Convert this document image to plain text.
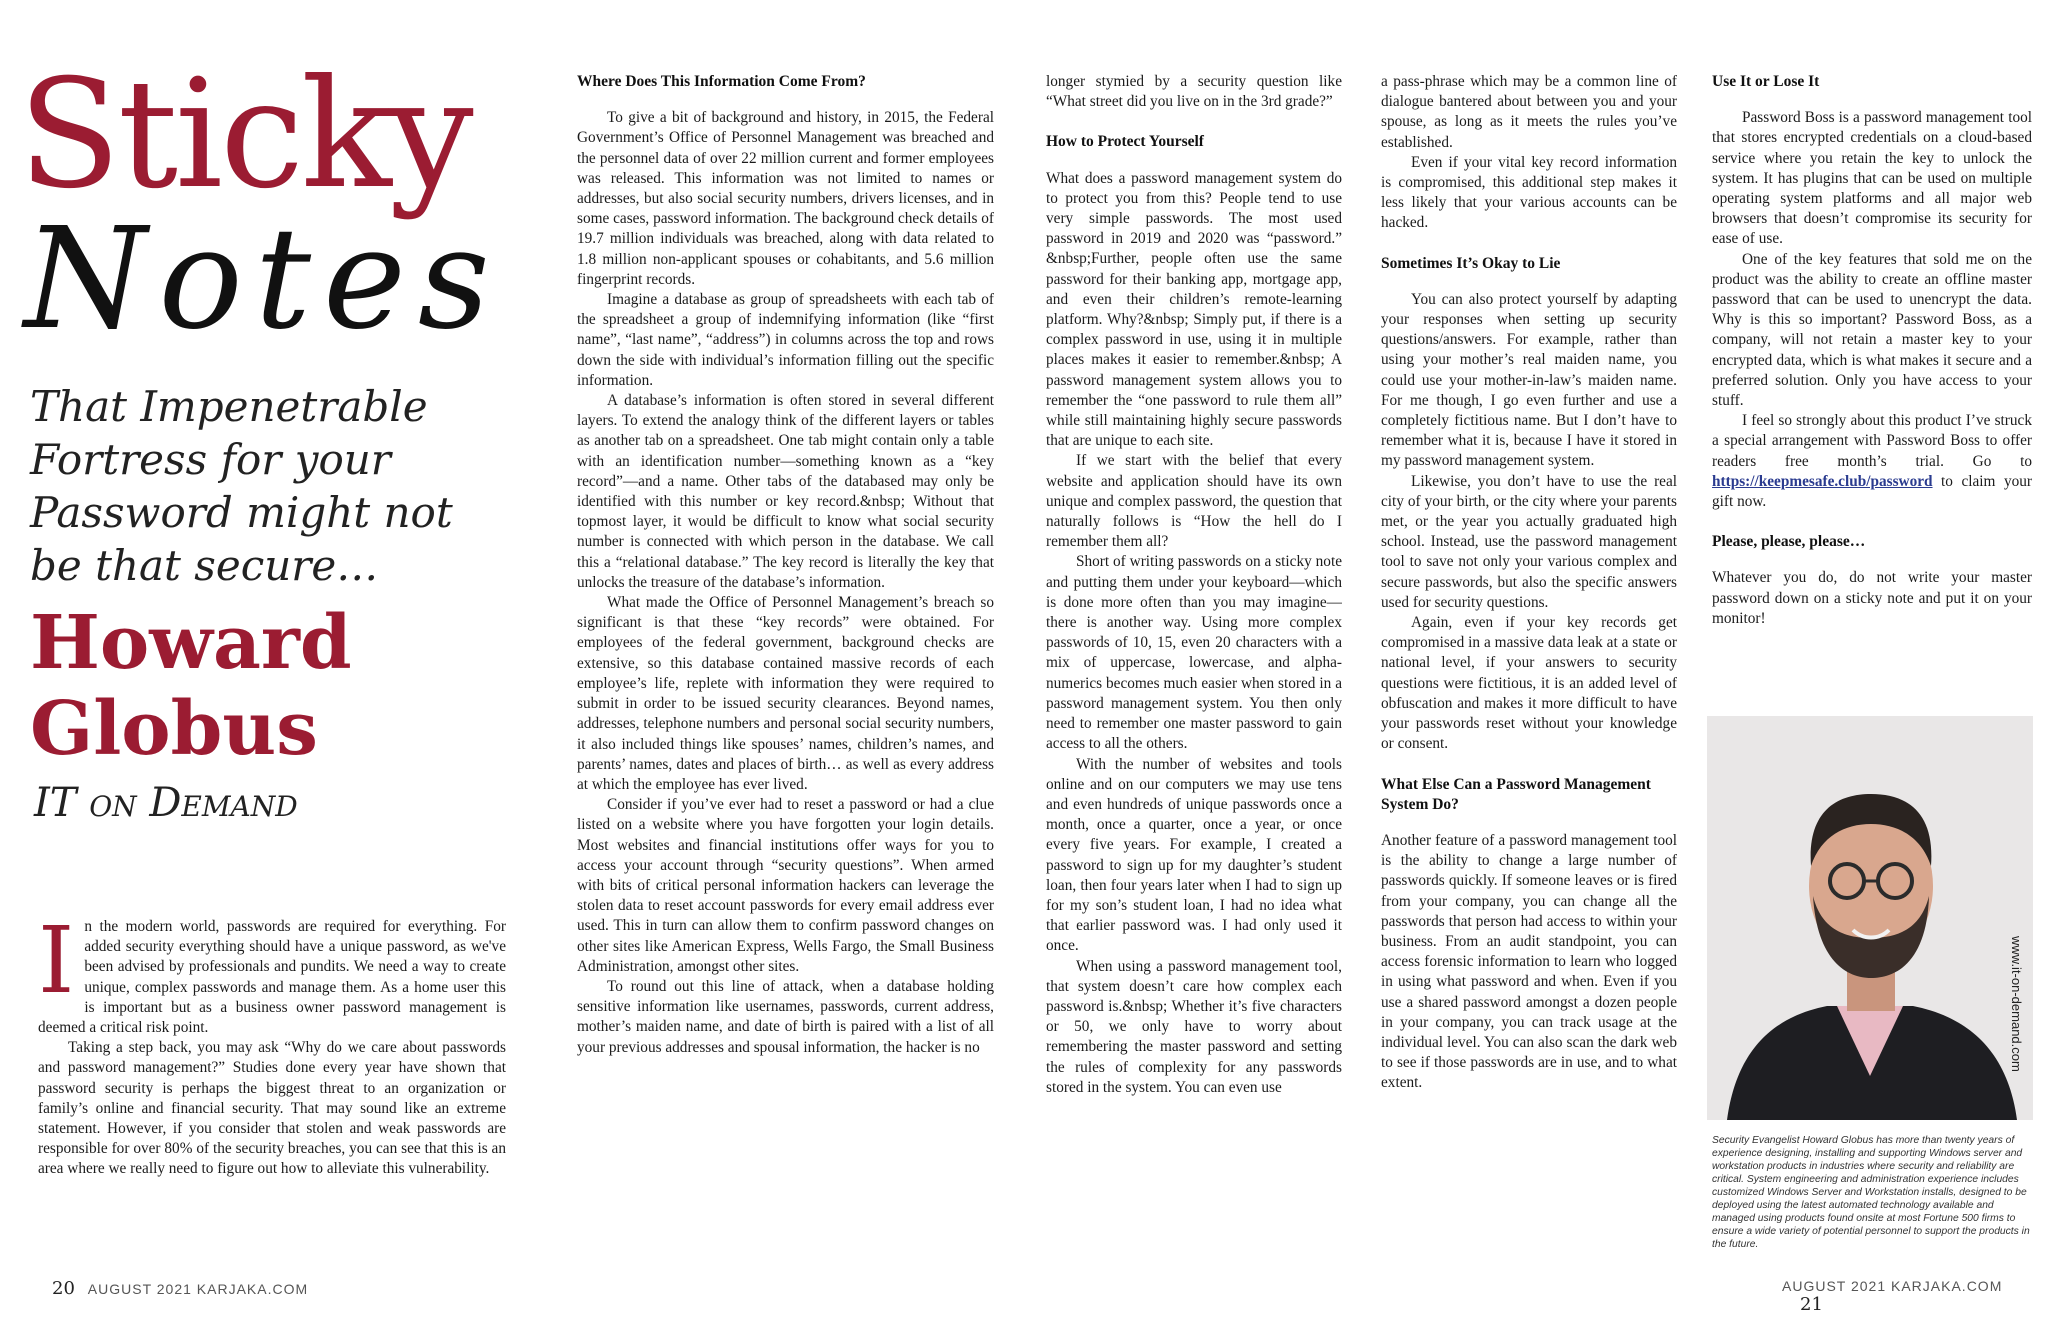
Sticky
Notes

That Impenetrable Fortress for your Password might not be that secure…

Howard Globus

IT on Demand

I n the modern world, passwords are required for everything. For added security everything should have a unique password, as we've been advised by professionals and pundits. We need a way to create unique, complex passwords and manage them. As a home user this is important but as a business owner password management is deemed a critical risk point.

Taking a step back, you may ask “Why do we care about passwords and password management?” Studies done every year have shown that password security is perhaps the biggest threat to an organization or family’s online and financial security. That may sound like an extreme statement. However, if you consider that stolen and weak passwords are responsible for over 80% of the security breaches, you can see that this is an area where we really need to figure out how to alleviate this vulnerability.

Where Does This Information Come From?

To give a bit of background and history, in 2015, the Federal Government’s Office of Personnel Management was breached and the personnel data of over 22 million current and former employees was released. This information was not limited to names or addresses, but also social security numbers, drivers licenses, and in some cases, password information. The background check details of 19.7 million individuals was breached, along with data related to 1.8 million non-applicant spouses or cohabitants, and 5.6 million fingerprint records.

Imagine a database as group of spreadsheets with each tab of the spreadsheet a group of indemnifying information (like “first name”, “last name”, “address”) in columns across the top and rows down the side with individual’s information filling out the specific information.

A database’s information is often stored in several different layers. To extend the analogy think of the different layers or tables as another tab on a spreadsheet. One tab might contain only a table with an identification number—something known as a “key record”—and a name. Other tabs of the databased may only be identified with this number or key record.&nbsp; Without that topmost layer, it would be difficult to know what social security number is connected with which person in the database. We call this a “relational database.” The key record is literally the key that unlocks the treasure of the database’s information.

What made the Office of Personnel Management’s breach so significant is that these “key records” were obtained. For employees of the federal government, background checks are extensive, so this database contained massive records of each employee’s life, replete with information they were required to submit in order to be issued security clearances. Beyond names, addresses, telephone numbers and personal social security numbers, it also included things like spouses’ names, children’s names, and parents’ names, dates and places of birth… as well as every address at which the employee has ever lived.

Consider if you’ve ever had to reset a password or had a clue listed on a website where you have forgotten your login details. Most websites and financial institutions offer ways for you to access your account through “security questions”. When armed with bits of critical personal information hackers can leverage the stolen data to reset account passwords for every email address ever used. This in turn can allow them to confirm password changes on other sites like American Express, Wells Fargo, the Small Business Administration, amongst other sites.

To round out this line of attack, when a database holding sensitive information like usernames, passwords, current address, mother’s maiden name, and date of birth is paired with a list of all your previous addresses and spousal information, the hacker is no

20 AUGUST 2021 KARJAKA.COM

longer stymied by a security question like “What street did you live on in the 3rd grade?”

How to Protect Yourself

What does a password management system do to protect you from this? People tend to use very simple passwords. The most used password in 2019 and 2020 was “password.” &nbsp;Further, people often use the same password for their banking app, mortgage app, and even their children’s remote-learning platform. Why?&nbsp; Simply put, if there is a complex password in use, using it in multiple places makes it easier to remember.&nbsp; A password management system allows you to remember the “one password to rule them all” while still maintaining highly secure passwords that are unique to each site.

If we start with the belief that every website and application should have its own unique and complex password, the question that naturally follows is “How the hell do I remember them all?

Short of writing passwords on a sticky note and putting them under your keyboard—which is done more often than you may imagine—there is another way. Using more complex passwords of 10, 15, even 20 characters with a mix of uppercase, lowercase, and alpha-numerics becomes much easier when stored in a password management system. You then only need to remember one master password to gain access to all the others.

With the number of websites and tools online and on our computers we may use tens and even hundreds of unique passwords once a month, once a quarter, once a year, or once every five years. For example, I created a password to sign up for my daughter’s student loan, then four years later when I had to sign up for my son’s student loan, I had no idea what that earlier password was. I had only used it once.

When using a password management tool, that system doesn’t care how complex each password is.&nbsp; Whether it’s five characters or 50, we only have to worry about remembering the master password and setting the rules of complexity for any passwords stored in the system. You can even use

a pass-phrase which may be a common line of dialogue bantered about between you and your spouse, as long as it meets the rules you’ve established.

Even if your vital key record information is compromised, this additional step makes it less likely that your various accounts can be hacked.

Sometimes It’s Okay to Lie

You can also protect yourself by adapting your responses when setting up security questions/answers. For example, rather than using your mother’s real maiden name, you could use your mother-in-law’s maiden name. For me though, I go even further and use a completely fictitious name. But I don’t have to remember what it is, because I have it stored in my password management system.

Likewise, you don’t have to use the real city of your birth, or the city where your parents met, or the year you actually graduated high school. Instead, use the password management tool to save not only your various complex and secure passwords, but also the specific answers used for security questions.

Again, even if your key records get compromised in a massive data leak at a state or national level, if your answers to security questions were fictitious, it is an added level of obfuscation and makes it more difficult to have your passwords reset without your knowledge or consent.

What Else Can a Password Management System Do?

Another feature of a password management tool is the ability to change a large number of passwords quickly. If someone leaves or is fired from your company, you can change all the passwords that person had access to within your business. From an audit standpoint, you can access forensic information to learn who logged in using what password and when. Even if you use a shared password amongst a dozen people in your company, you can track usage at the individual level. You can also scan the dark web to see if those passwords are in use, and to what extent.

Use It or Lose It

Password Boss is a password management tool that stores encrypted credentials on a cloud-based service where you retain the key to unlock the system. It has plugins that can be used on multiple operating system platforms and all major web browsers that doesn’t compromise its security for ease of use.

One of the key features that sold me on the product was the ability to create an offline master password that can be used to unencrypt the data. Why is this so important? Password Boss, as a company, will not retain a master key to your encrypted data, which is what makes it secure and a preferred solution. Only you have access to your stuff.

I feel so strongly about this product I’ve struck a special arrangement with Password Boss to offer readers free month’s trial. Go to https://keepmesafe.club/password to claim your gift now.

Please, please, please…

Whatever you do, do not write your master password down on a sticky note and put it on your monitor!

www.it-on-demand.com

Security Evangelist Howard Globus has more than twenty years of experience designing, installing and supporting Windows server and workstation products in industries where security and reliability are critical. System engineering and administration experience includes customized Windows Server and Workstation installs, designed to be deployed using the latest automated technology available and managed using products found onsite at most Fortune 500 firms to ensure a wide variety of potential personnel to support the products in the future.

AUGUST 2021 KARJAKA.COM 21
